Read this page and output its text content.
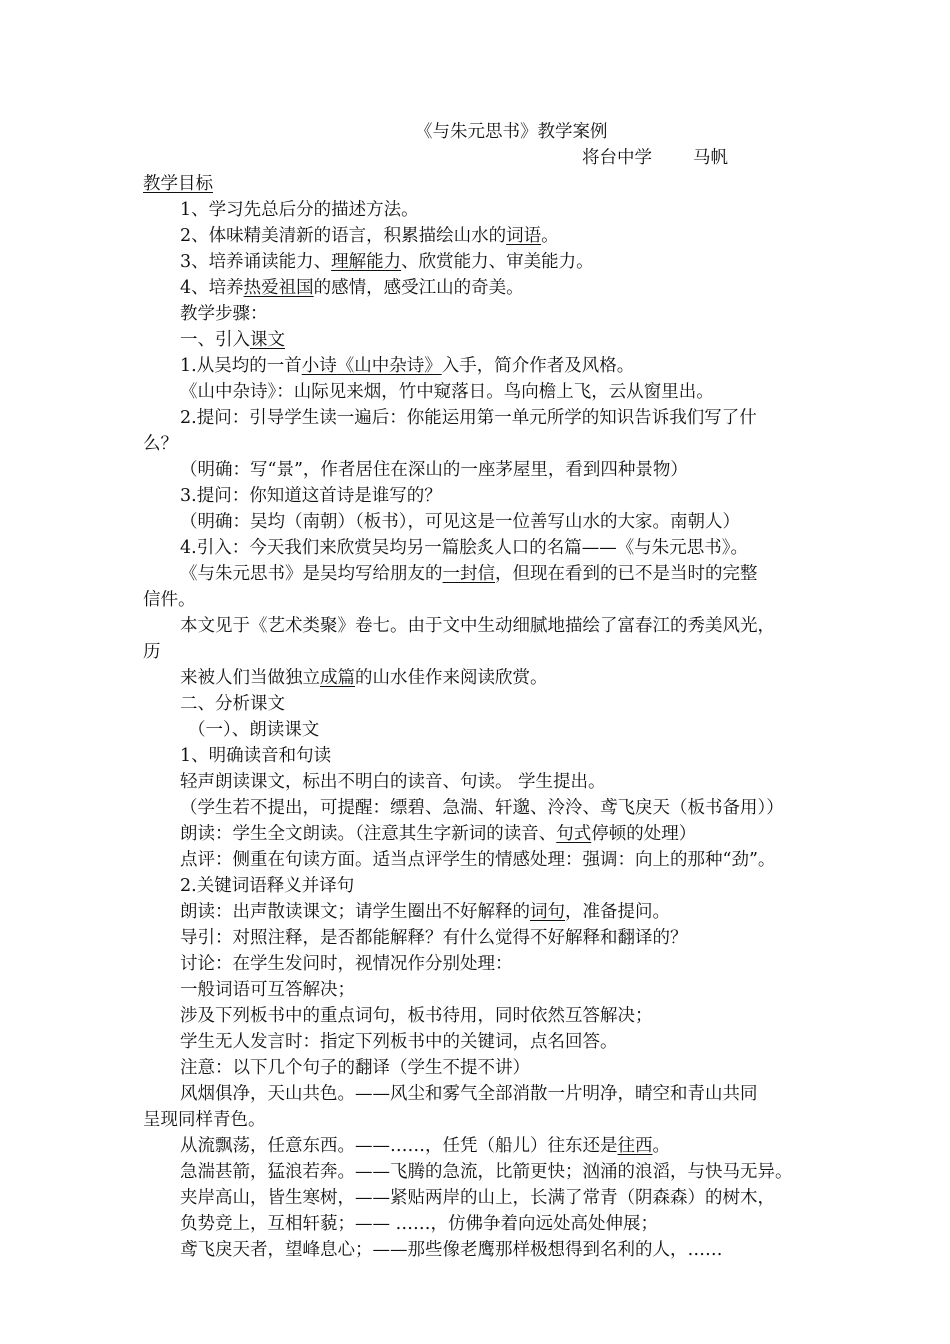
《与朱元思书》教学案例
将台中学 马帆
教学目标
1、学习先总后分的描述方法。
2、体味精美清新的语言，积累描绘山水的词语。
3、培养诵读能力、理解能力、欣赏能力、审美能力。
4、培养热爱祖国的感情，感受江山的奇美。
教学步骤：
一、引入课文
1.从吴均的一首小诗《山中杂诗》入手，简介作者及风格。
《山中杂诗》：山际见来烟，竹中窥落日。鸟向檐上飞，云从窗里出。
2.提问：引导学生读一遍后：你能运用第一单元所学的知识告诉我们写了什
么？
（明确：写“景”，作者居住在深山的一座茅屋里，看到四种景物）
3.提问：你知道这首诗是谁写的？
（明确：吴均（南朝）（板书），可见这是一位善写山水的大家。南朝人）
4.引入：今天我们来欣赏吴均另一篇脍炙人口的名篇——《与朱元思书》。
《与朱元思书》是吴均写给朋友的一封信，但现在看到的已不是当时的完整
信件。
本文见于《艺术类聚》卷七。由于文中生动细腻地描绘了富春江的秀美风光，
历
来被人们当做独立成篇的山水佳作来阅读欣赏。
二、分析课文
（一）、朗读课文
1、明确读音和句读
轻声朗读课文，标出不明白的读音、句读。 学生提出。
（学生若不提出，可提醒：缥碧、急湍、轩邈、泠泠、鸢飞戾天（板书备用））
朗读：学生全文朗读。（注意其生字新词的读音、句式停顿的处理）
点评：侧重在句读方面。适当点评学生的情感处理：强调：向上的那种“劲”。
2.关键词语释义并译句
朗读：出声散读课文；请学生圈出不好解释的词句，准备提问。
导引：对照注释，是否都能解释？有什么觉得不好解释和翻译的？
讨论：在学生发问时，视情况作分别处理：
一般词语可互答解决；
涉及下列板书中的重点词句，板书待用，同时依然互答解决；
学生无人发言时：指定下列板书中的关键词，点名回答。
注意：以下几个句子的翻译（学生不提不讲）
风烟俱净，天山共色。——风尘和雾气全部消散一片明净，晴空和青山共同
呈现同样青色。
从流飘荡，任意东西。——……，任凭（船儿）往东还是往西。
急湍甚箭，猛浪若奔。——飞腾的急流，比箭更快；汹涌的浪滔，与快马无异。
夹岸高山，皆生寒树，——紧贴两岸的山上，长满了常青（阴森森）的树木，
负势竞上，互相轩藐；—— ……，仿佛争着向远处高处伸展；
鸢飞戾天者，望峰息心；——那些像老鹰那样极想得到名利的人，……
